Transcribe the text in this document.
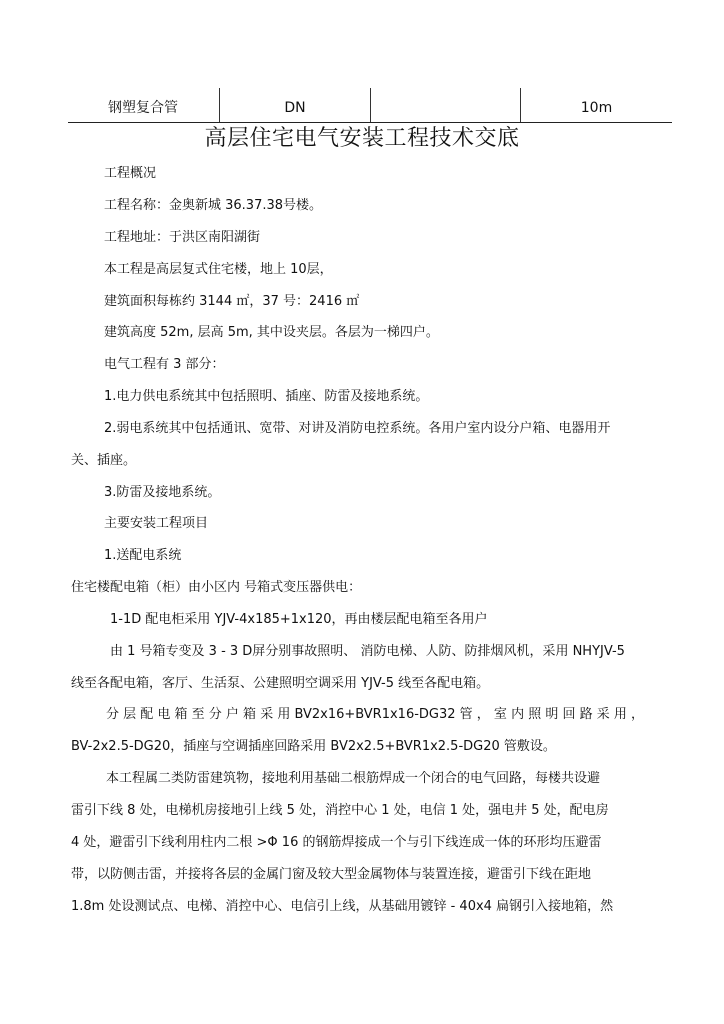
钢塑复合管	DN	10m
高层住宅电气安装工程技术交底
工程概况
工程名称：金奥新城 36.37.38号楼。
工程地址：于洪区南阳湖街
本工程是高层复式住宅楼，地上 10层，
建筑面积每栋约 3144 ㎡，37 号：2416 ㎡
建筑高度 52m, 层高 5m, 其中设夹层。各层为一梯四户。
电气工程有 3 部分：
1.电力供电系统其中包括照明、插座、防雷及接地系统。
2.弱电系统其中包括通讯、宽带、对讲及消防电控系统。各用户室内设分户箱、电器用开
关、插座。
3.防雷及接地系统。
主要安装工程项目
1.送配电系统
住宅楼配电箱（柜）由小区内 号箱式变压器供电：
1-1D 配电柜采用 YJV-4x185+1x120，再由楼层配电箱至各用户
由 1 号箱专变及 3 - 3 D屏分别事故照明、 消防电梯、人防、防排烟风机，采用 NHYJV-5
线至各配电箱，客厅、生活泵、公建照明空调采用 YJV-5 线至各配电箱。
分 层 配 电 箱 至 分 户 箱 采 用 BV2x16+BVR1x16-DG32 管 ， 室 内 照 明 回 路 采 用 ，
BV-2x2.5-DG20，插座与空调插座回路采用 BV2x2.5+BVR1x2.5-DG20 管敷设。
本工程属二类防雷建筑物，接地利用基础二根筋焊成一个闭合的电气回路，每楼共设避
雷引下线 8 处，电梯机房接地引上线 5 处，消控中心 1 处，电信 1 处，强电井 5 处，配电房
4 处，避雷引下线利用柱内二根 >Φ 16 的钢筋焊接成一个与引下线连成一体的环形均压避雷
带，以防侧击雷，并接将各层的金属门窗及较大型金属物体与装置连接，避雷引下线在距地
1.8m 处设测试点、电梯、消控中心、电信引上线，从基础用镀锌 - 40x4 扁钢引入接地箱，然
